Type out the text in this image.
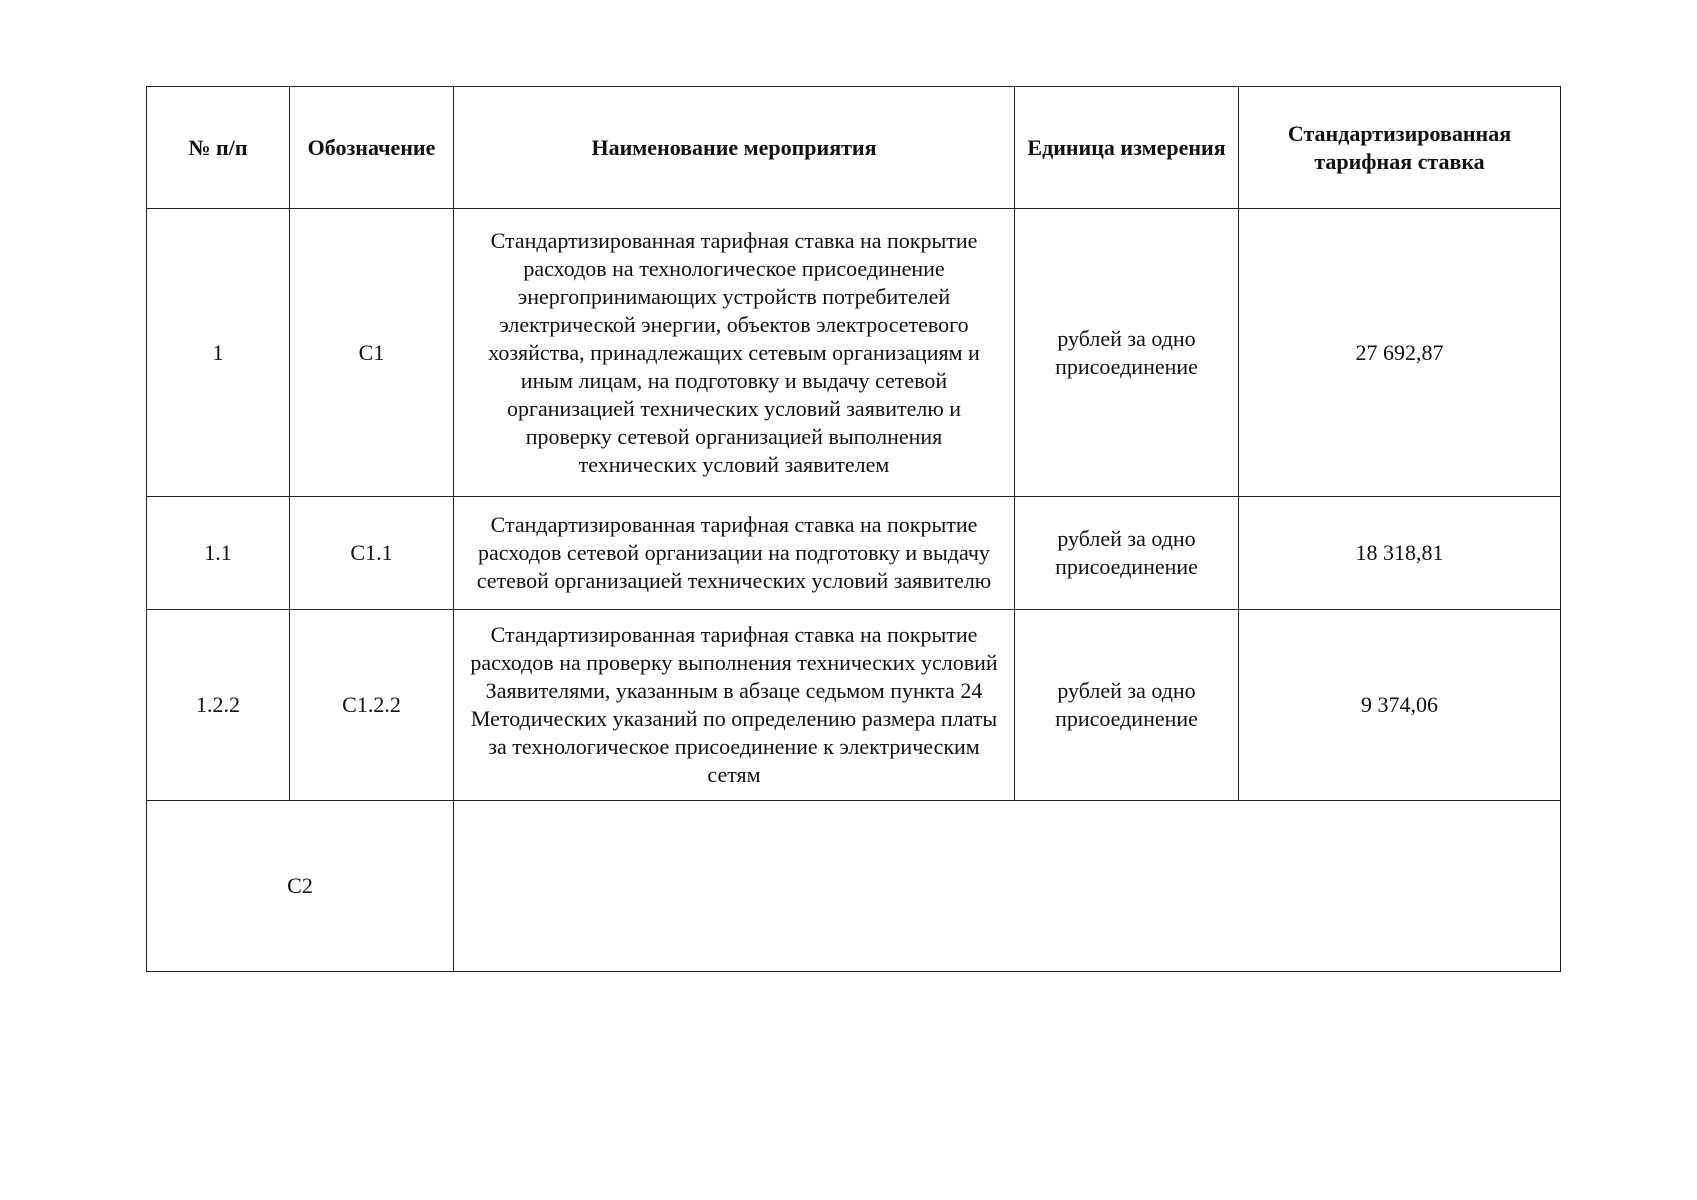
№ п/п	Обозначение	Наименование мероприятия	Единица измерения	Стандартизированная тарифная ставка
1	С1	Стандартизированная тарифная ставка на покрытие расходов на технологическое присоединение энергопринимающих устройств потребителей электрической энергии, объектов электросетевого хозяйства, принадлежащих сетевым организациям и иным лицам, на подготовку и выдачу сетевой организацией технических условий заявителю и проверку сетевой организацией выполнения технических условий заявителем	рублей за одно присоединение	27 692,87
1.1	С1.1	Стандартизированная тарифная ставка на покрытие расходов сетевой организации на подготовку и выдачу сетевой организацией технических условий заявителю	рублей за одно присоединение	18 318,81
1.2.2	С1.2.2	Стандартизированная тарифная ставка на покрытие расходов на проверку выполнения технических условий Заявителями, указанным в абзаце седьмом пункта 24 Методических указаний по определению размера платы за технологическое присоединение к электрическим сетям	рублей за одно присоединение	9 374,06
С2				
